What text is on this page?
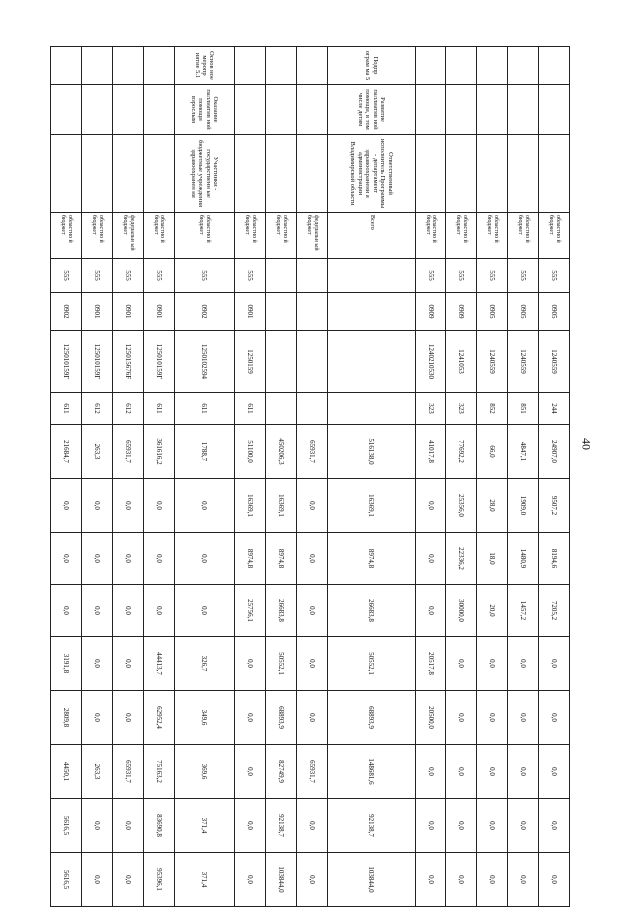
40
			областно й бюджет	555	0905	1240559	244	24907,0	9507,2	8194,6	7205,2	0,0	0,0	0,0	0,0	0,0
			областно й бюджет	555	0905	1240559	851	4847,1	1909,0	1480,9	1457,2	0,0	0,0	0,0	0,0	0,0
			областно й бюджет	555	0905	1240559	852	66,0	28,0	18,0	20,0	0,0	0,0	0,0	0,0	0,0
			областно й бюджет	555	0909	1241053	323	77692,2	25356,0	22336,2	30000,0	0,0	0,0	0,0	0,0	0,0
			областно й бюджет	555	0909	1240210530	323	41017,8	0,0	0,0	0,0	20517,8	20500,0	0,0	0,0	0,0
Подпр ограм ма 5	Развитие паллиатив ной помощи, в том числе детям	Ответственный исполнитель Программы - департамент здравоохранени я администрации Владимирской области	Всего					516138,0	16369,1	8974,8	26683,8	50552,1	68893,9	148681,6	92138,7	103844,0
			федеральн ый бюджет					65931,7	0,0	0,0	0,0	0,0	0,0	65931,7	0,0	0,0
			областно й бюджет					450206,3	16369,1	8974,8	26683,8	50552,1	68893,9	82749,9	92138,7	103844,0
			областно й бюджет	555	0901	1250159	611	51100,0	16369,1	8974,8	25756,1	0,0	0,0	0,0	0,0	0,0
Основ ное меропр иятие 5.1	Оказание паллиатив ной помощи взрослым	Участники - государственн ые бюджетные учреждения здравоохранен ия	областно й бюджет	555	0902	1250102594	611	1788,7	0,0	0,0	0,0	326,7	349,6	369,6	371,4	371,4
			областно й бюджет	555	0901	125010159Г	611	361616,2	0,0	0,0	0,0	44413,7	62952,4	75163,2	83690,8	95396,1
			федеральн ый бюджет	555	0901	125015676F	612	65931,7	0,0	0,0	0,0	0,0	0,0	65931,7	0,0	0,0
			областно й бюджет	555	0901	125010159Г	612	263,3	0,0	0,0	0,0	0,0	0,0	263,3	0,0	0,0
			областно й бюджет	555	0902	125010159Г	611	21684,7	0,0	0,0	0,0	3191,8	2809,8	4450,1	5616,5	5616,5
